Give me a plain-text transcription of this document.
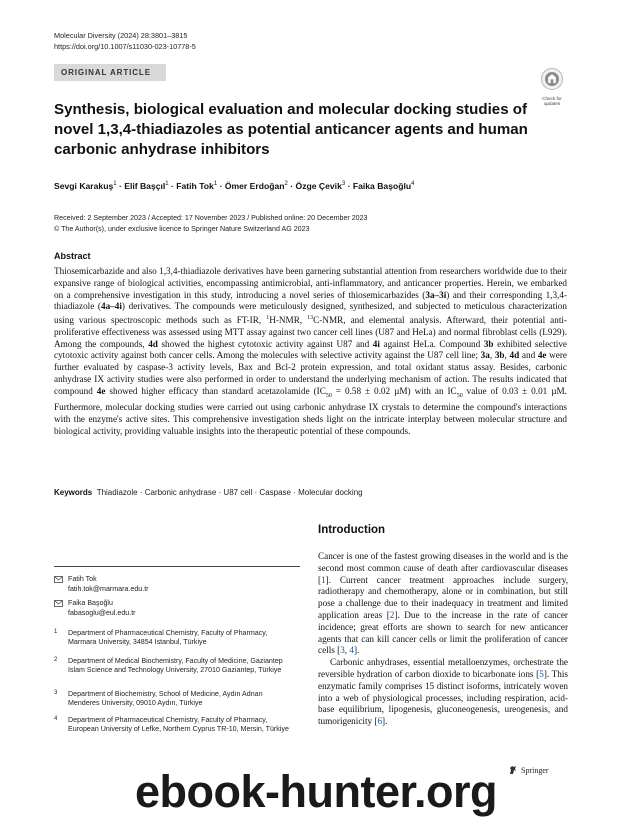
Molecular Diversity (2024) 28:3801–3815
https://doi.org/10.1007/s11030-023-10778-5
ORIGINAL ARTICLE
Check for
updates
Synthesis, biological evaluation and molecular docking studies of novel 1,3,4-thiadiazoles as potential anticancer agents and human carbonic anhydrase inhibitors
Sevgi Karakuş$^1$ · Elif Başçıl$^1$ · Fatih Tok$^1$ · Ömer Erdoğan$^2$ · Özge Çevik$^3$ · Faika Başoğlu$^4$
Received: 2 September 2023 / Accepted: 17 November 2023 / Published online: 20 December 2023
© The Author(s), under exclusive licence to Springer Nature Switzerland AG 2023
Abstract
Thiosemicarbazide and also 1,3,4-thiadiazole derivatives have been garnering substantial attention from researchers worldwide due to their expansive range of biological activities, encompassing antimicrobial, anti-inflammatory, and anticancer properties. Herein, we embarked on a comprehensive investigation in this study, introducing a novel series of thiosemicarbazides (3a–3i) and their corresponding 1,3,4-thiadiazole (4a–4i) derivatives. The compounds were meticulously designed, synthesized, and subjected to meticulous characterization using various spectroscopic methods such as FT-IR, $^1$H-NMR, $^{13}$C-NMR, and elemental analysis. Afterward, their potential anti-proliferative effectiveness was assessed using MTT assay against two cancer cell lines (U87 and HeLa) and normal fibroblast cells (L929). Among the compounds, 4d showed the highest cytotoxic activity against U87 and 4i against HeLa. Compound 3b exhibited selective cytotoxic activity against both cancer cells. Among the molecules with selective activity against the U87 cell line; 3a, 3b, 4d and 4e were further evaluated by caspase-3 activity levels, Bax and Bcl-2 protein expression, and total oxidant status assay. Besides, carbonic anhydrase IX activity studies were also performed in order to understand the underlying mechanism of action. The results indicated that compound 4e showed higher efficacy than standard acetazolamide ($IC_{50} = 0.58 \pm 0.02$ µM) with an $IC_{50}$ value of 0.03 ± 0.01 µM. Furthermore, molecular docking studies were carried out using carbonic anhydrase IX crystals to determine the compound's interactions with the enzyme's active sites. This comprehensive investigation sheds light on the intricate interplay between molecular structure and biological activity, providing valuable insights into the therapeutic potential of these compounds.
Keywords Thiadiazole · Carbonic anhydrase · U87 cell · Caspase · Molecular docking
Introduction

Cancer is one of the fastest growing diseases in the world and is the second most common cause of death after cardiovascular diseases [1]. Current cancer treatment approaches include surgery, radiotherapy and chemotherapy, alone or in combination, but still pose a challenge due to their inadequacy in treatment and limited application areas [2]. Due to the increase in the rate of cancer incidence; great efforts are shown to search for new anticancer agents that can kill cancer cells or limit the proliferation of cancer cells [3, 4].

Carbonic anhydrases, essential metalloenzymes, orchestrate the reversible hydration of carbon dioxide to bicarbonate ions [5]. This enzymatic family comprises 15 distinct isoforms, intricately woven into a web of physiological processes, including respiration, acid-base equilibrium, lipogenesis, gluconeogenesis, ureogenesis, and tumorigenicity [6].

Fatih Tok
fatih.tok@marmara.edu.tr
Faika Başoğlu
fabasoglu@eul.edu.tr
1 Department of Pharmaceutical Chemistry, Faculty of Pharmacy, Marmara University, 34854 Istanbul, Türkiye
2 Department of Medical Biochemistry, Faculty of Medicine, Gaziantep Islam Science and Technology University, 27010 Gaziantep, Türkiye
3 Department of Biochemistry, School of Medicine, Aydın Adnan Menderes University, 09010 Aydın, Türkiye
4 Department of Pharmaceutical Chemistry, Faculty of Pharmacy, European University of Lefke, Northern Cyprus TR-10, Mersin, Türkiye
Springer
ebook-hunter.org
